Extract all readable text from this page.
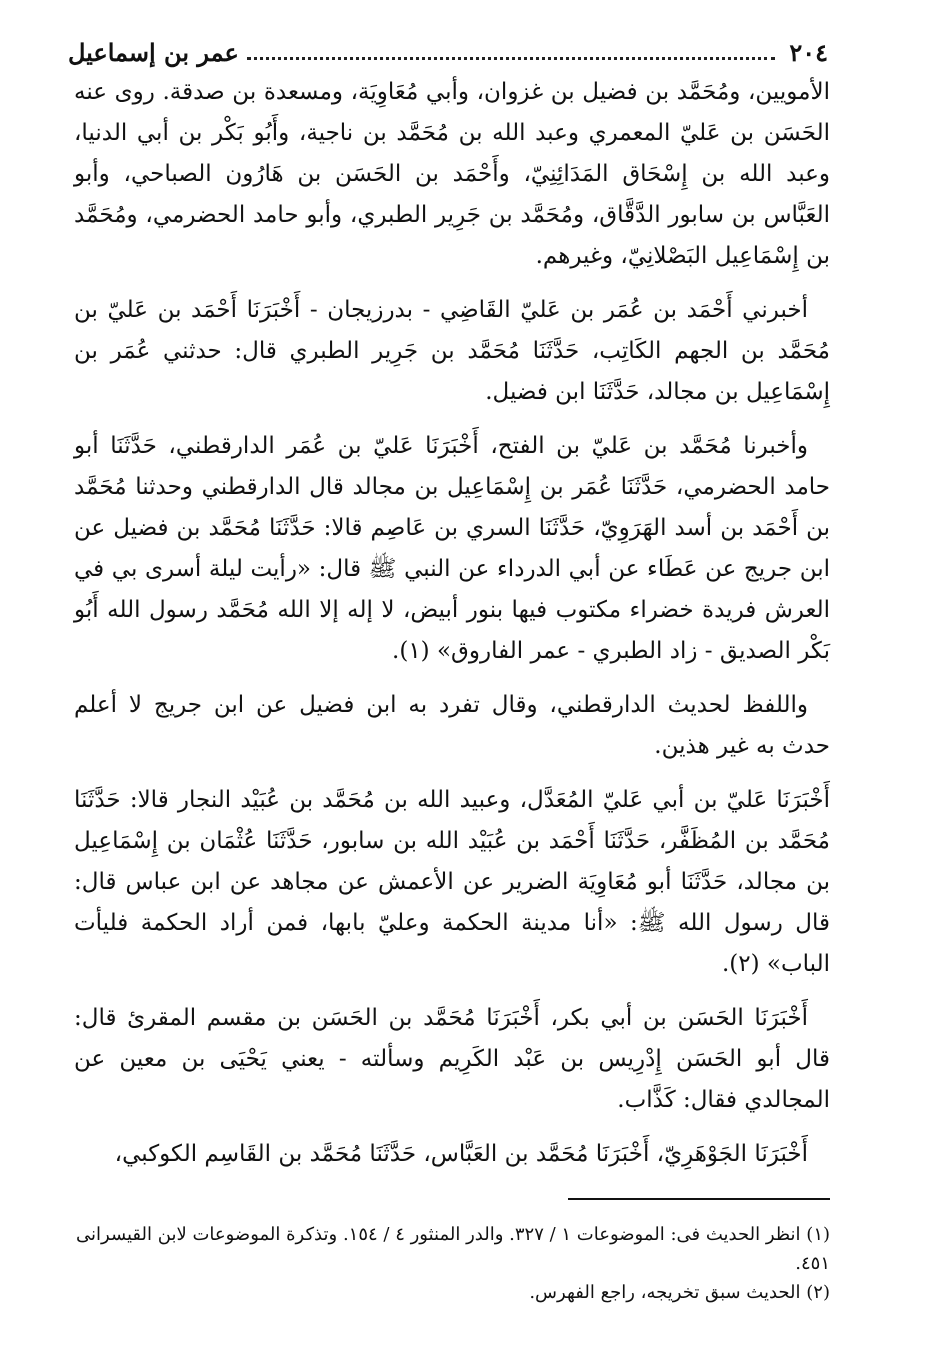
٢٠٤
عمر بن إسماعيل

الأمويين، ومُحَمَّد بن فضيل بن غزوان، وأبي مُعَاوِيَة، ومسعدة بن صدقة. روى عنه الحَسَن بن عَليّ المعمري وعبد الله بن مُحَمَّد بن ناجية، وأَبُو بَكْر بن أبي الدنيا، وعبد الله بن إِسْحَاق المَدَائِنِيّ، وأَحْمَد بن الحَسَن بن هَارُون الصباحي، وأبو العَبَّاس بن سابور الدَّقَّاق، ومُحَمَّد بن جَرِير الطبري، وأبو حامد الحضرمي، ومُحَمَّد بن إِسْمَاعِيل البَصْلانِيّ، وغيرهم.

أخبرني أَحْمَد بن عُمَر بن عَليّ القَاضِي - بدرزيجان - أَخْبَرَنَا أَحْمَد بن عَليّ بن مُحَمَّد بن الجهم الكَاتِب، حَدَّثَنَا مُحَمَّد بن جَرِير الطبري قال: حدثني عُمَر بن إِسْمَاعِيل بن مجالد، حَدَّثَنَا ابن فضيل.

وأخبرنا مُحَمَّد بن عَليّ بن الفتح، أَخْبَرَنَا عَليّ بن عُمَر الدارقطني، حَدَّثَنَا أبو حامد الحضرمي، حَدَّثَنَا عُمَر بن إِسْمَاعِيل بن مجالد قال الدارقطني وحدثنا مُحَمَّد بن أَحْمَد بن أسد الهَرَوِيّ، حَدَّثَنَا السري بن عَاصِم قالا: حَدَّثَنَا مُحَمَّد بن فضيل عن ابن جريج عن عَطَاء عن أبي الدرداء عن النبي ﷺ قال: «رأيت ليلة أسرى بي في العرش فريدة خضراء مكتوب فيها بنور أبيض، لا إله إلا الله مُحَمَّد رسول الله أَبُو بَكْر الصديق - زاد الطبري - عمر الفاروق» (١).

واللفظ لحديث الدارقطني، وقال تفرد به ابن فضيل عن ابن جريج لا أعلم حدث به غير هذين.

أَخْبَرَنَا عَليّ بن أبي عَليّ المُعَدَّل، وعبيد الله بن مُحَمَّد بن عُبَيْد النجار قالا: حَدَّثَنَا مُحَمَّد بن المُظَفَّر، حَدَّثَنَا أَحْمَد بن عُبَيْد الله بن سابور، حَدَّثَنَا عُثْمَان بن إِسْمَاعِيل بن مجالد، حَدَّثَنَا أبو مُعَاوِيَة الضرير عن الأعمش عن مجاهد عن ابن عباس قال: قال رسول الله ﷺ: «أنا مدينة الحكمة وعليّ بابها، فمن أراد الحكمة فليأت الباب» (٢).

أَخْبَرَنَا الحَسَن بن أبي بكر، أَخْبَرَنَا مُحَمَّد بن الحَسَن بن مقسم المقرئ قال: قال أبو الحَسَن إِدْرِيس بن عَبْد الكَرِيم وسألته - يعني يَحْيَى بن معين عن المجالدي فقال: كَذَّاب.

أَخْبَرَنَا الجَوْهَرِيّ، أَخْبَرَنَا مُحَمَّد بن العَبَّاس، حَدَّثَنَا مُحَمَّد بن القَاسِم الكوكبي،

(١) انظر الحديث فى: الموضوعات ١ / ٣٢٧. والدر المنثور ٤ / ١٥٤. وتذكرة الموضوعات لابن القيسرانى ٤٥١.

(٢) الحديث سبق تخريجه، راجع الفهرس.
